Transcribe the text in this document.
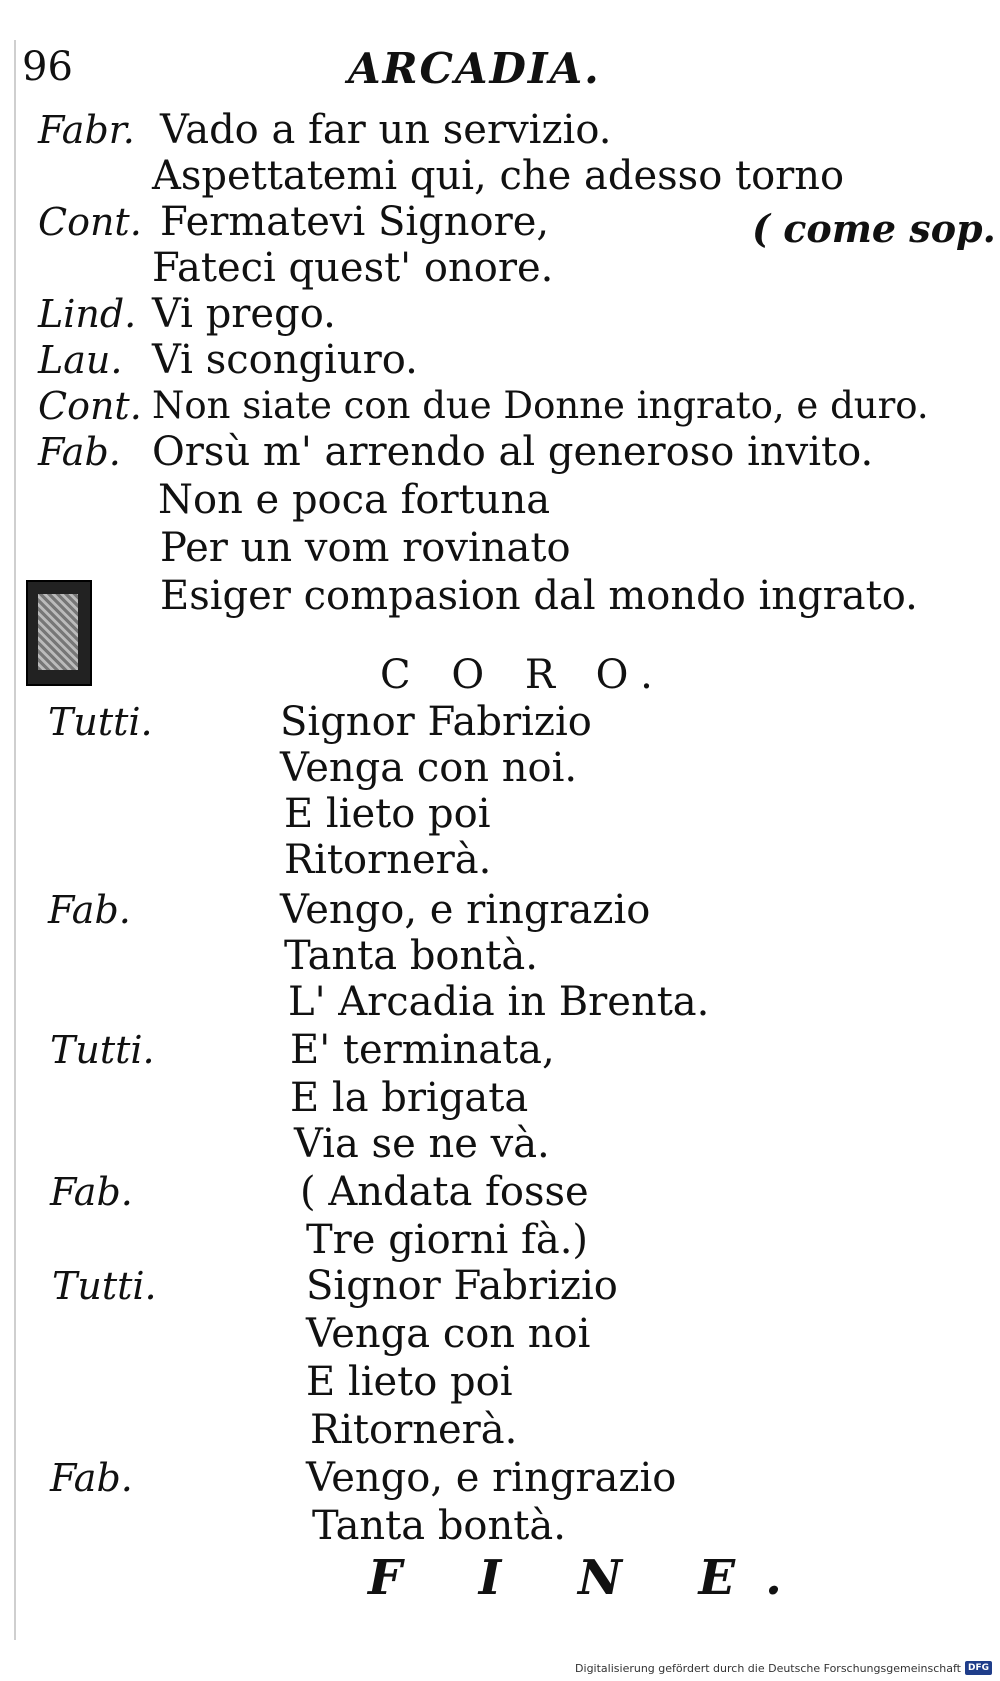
96	ARCADIA.
( come sop.
Fabr. Vado a far un servizio.
Aspettatemi qui, che adesso torno
Cont. Fermatevi Signore,
Fateci quest' onore.
Lind. Vi prego.
Lau. Vi scongiuro.
Cont. Non siate con due Donne ingrato, e duro.
Fab. Orsù m' arrendo al generoso invito.
Non e poca fortuna
Per un vom rovinato
Esiger compasion dal mondo ingrato.
C O R O.
Tutti.	Signor Fabrizio
Venga con noi.
E lieto poi
Ritornerà.
Fab.	Vengo, e ringrazio
Tanta bontà.
L' Arcadia in Brenta.
Tutti.	E' terminata,
E la brigata
Via se ne và.
Fab.	( Andata fosse
Tre giorni fà.)
Tutti.	Signor Fabrizio
Venga con noi
E lieto poi
Ritornerà.
Fab.	Vengo, e ringrazio
Tanta bontà.
F I N E.
Digitalisierung gefördert durch die Deutsche Forschungsgemeinschaft DFG
